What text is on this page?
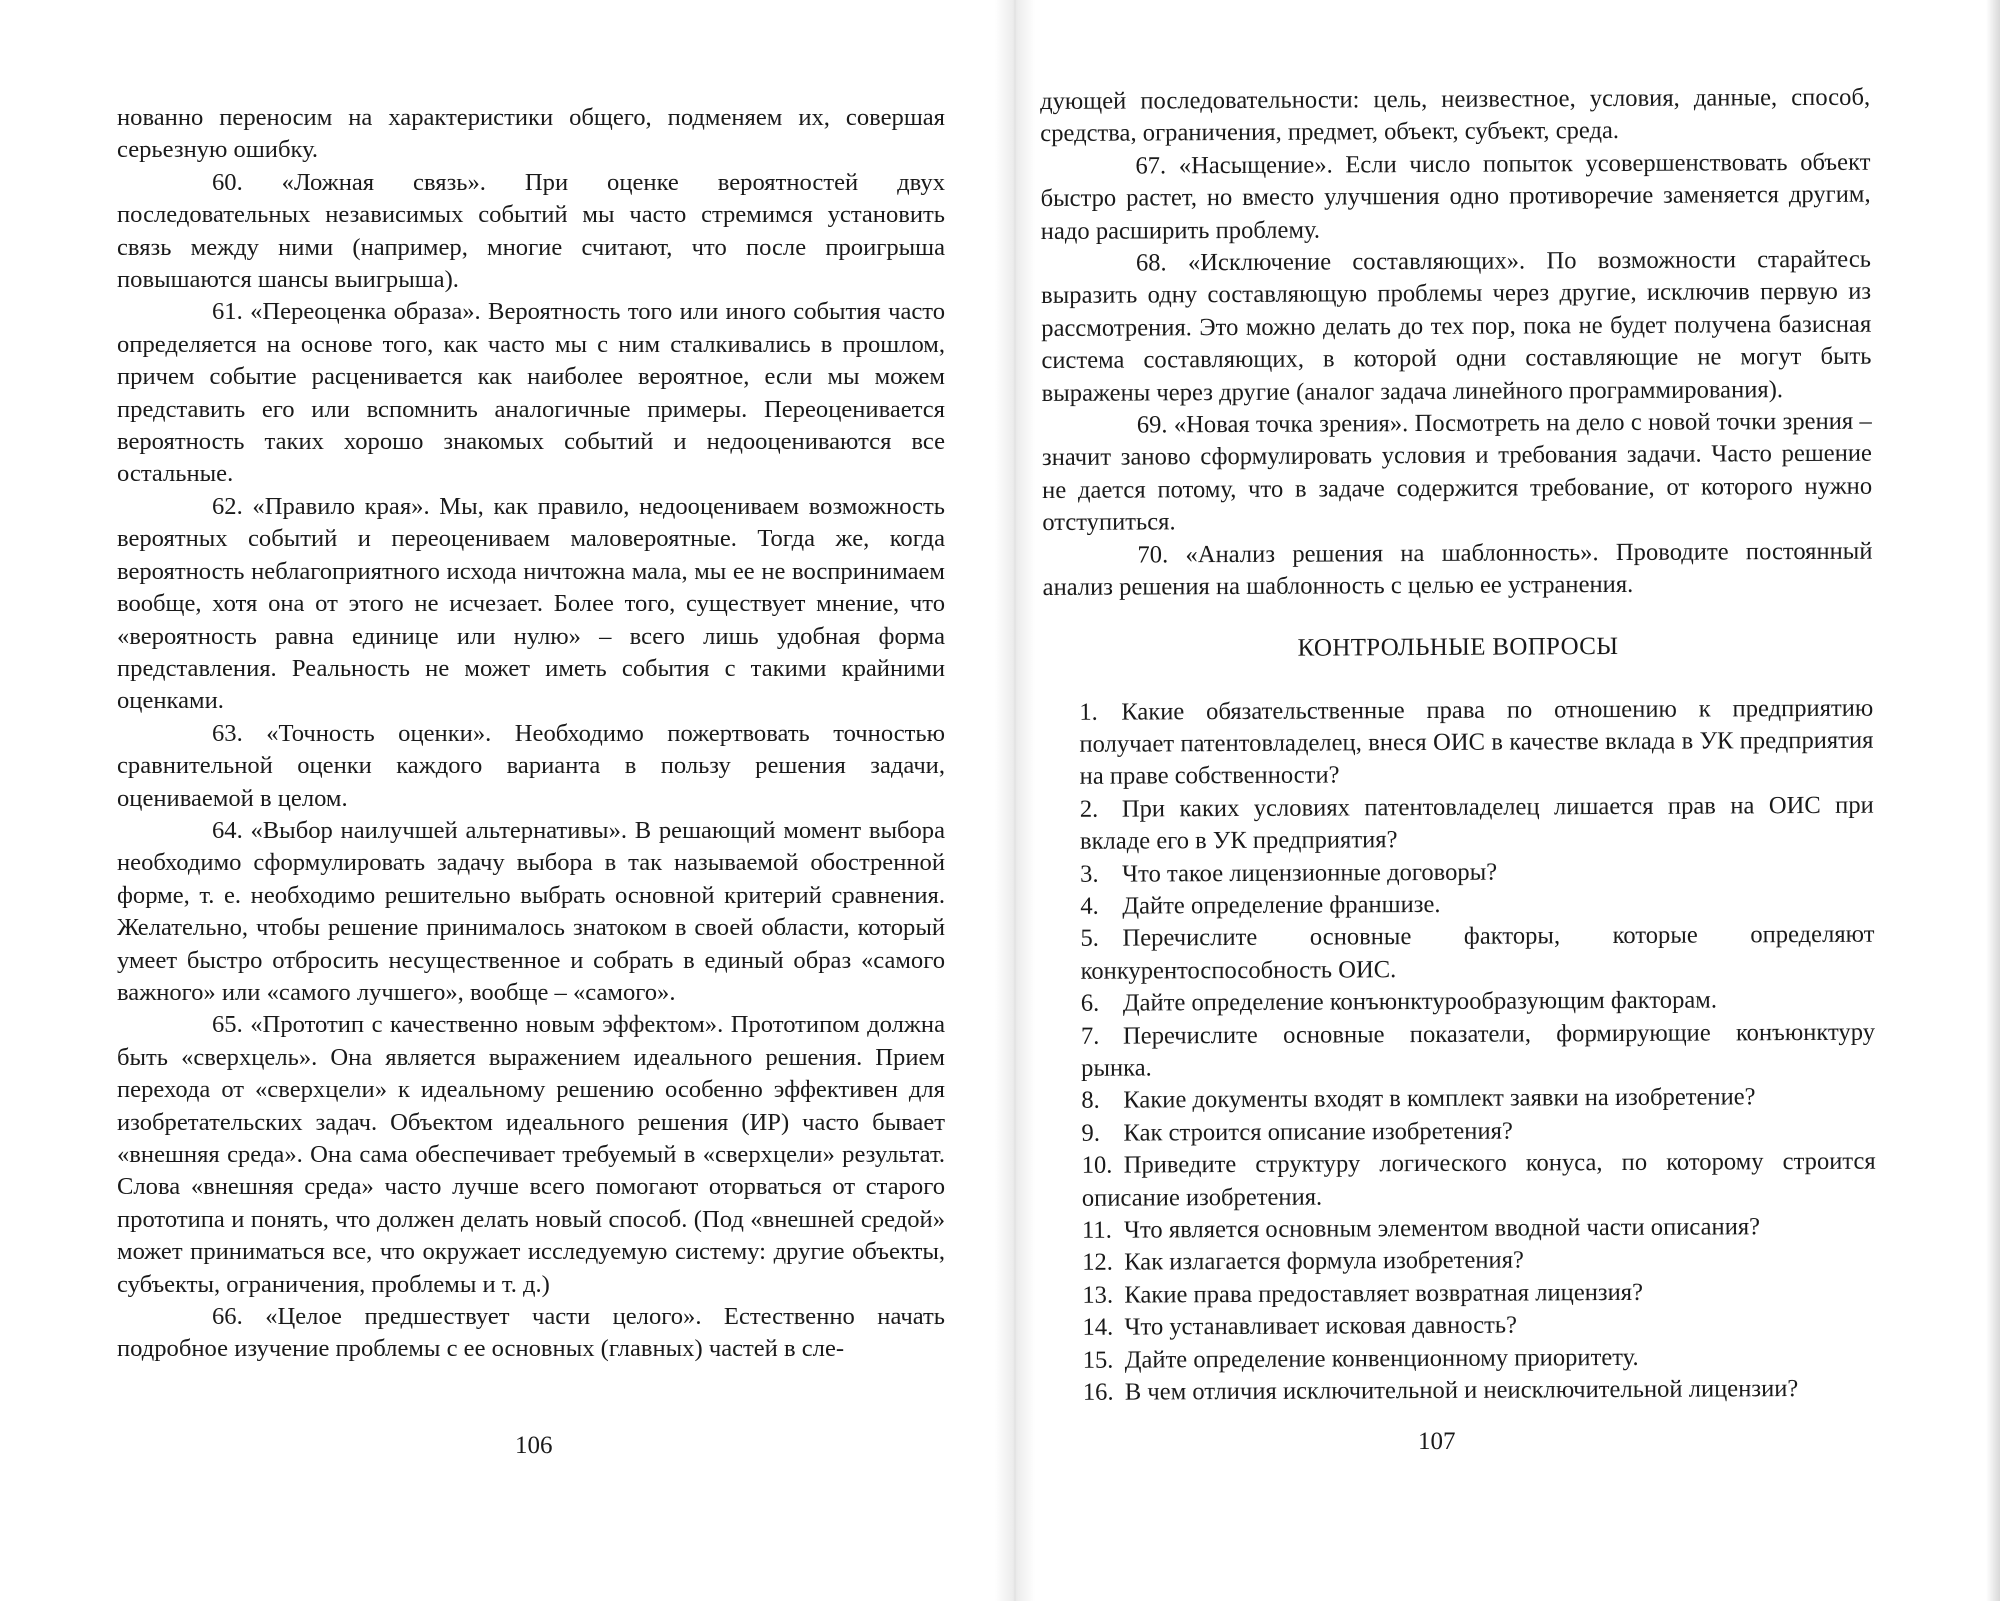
нованно переносим на характеристики общего, подменяем их, совершая серьезную ошибку.

60. «Ложная связь». При оценке вероятностей двух последовательных независимых событий мы часто стремимся установить связь между ними (например, многие считают, что после проигрыша повышаются шансы выигрыша).

61. «Переоценка образа». Вероятность того или иного события часто определяется на основе того, как часто мы с ним сталкивались в прошлом, причем событие расценивается как наиболее вероятное, если мы можем представить его или вспомнить аналогичные примеры. Переоценивается вероятность таких хорошо знакомых событий и недооцениваются все остальные.

62. «Правило края». Мы, как правило, недооцениваем возможность вероятных событий и переоцениваем маловероятные. Тогда же, когда вероятность неблагоприятного исхода ничтожна мала, мы ее не воспринимаем вообще, хотя она от этого не исчезает. Более того, существует мнение, что «вероятность равна единице или нулю» – всего лишь удобная форма представления. Реальность не может иметь события с такими крайними оценками.

63. «Точность оценки». Необходимо пожертвовать точностью сравнительной оценки каждого варианта в пользу решения задачи, оцениваемой в целом.

64. «Выбор наилучшей альтернативы». В решающий момент выбора необходимо сформулировать задачу выбора в так называемой обостренной форме, т. е. необходимо решительно выбрать основной критерий сравнения. Желательно, чтобы решение принималось знатоком в своей области, который умеет быстро отбросить несущественное и собрать в единый образ «самого важного» или «самого лучшего», вообще – «самого».

65. «Прототип с качественно новым эффектом». Прототипом должна быть «сверхцель». Она является выражением идеального решения. Прием перехода от «сверхцели» к идеальному решению особенно эффективен для изобретательских задач. Объектом идеального решения (ИР) часто бывает «внешняя среда». Она сама обеспечивает требуемый в «сверхцели» результат. Слова «внешняя среда» часто лучше всего помогают оторваться от старого прототипа и понять, что должен делать новый способ. (Под «внешней средой» может приниматься все, что окружает исследуемую систему: другие объекты, субъекты, ограничения, проблемы и т. д.)

66. «Целое предшествует части целого». Естественно начать подробное изучение проблемы с ее основных (главных) частей в сле-

106

дующей последовательности: цель, неизвестное, условия, данные, способ, средства, ограничения, предмет, объект, субъект, среда.

67. «Насыщение». Если число попыток усовершенствовать объект быстро растет, но вместо улучшения одно противоречие заменяется другим, надо расширить проблему.

68. «Исключение составляющих». По возможности старайтесь выразить одну составляющую проблемы через другие, исключив первую из рассмотрения. Это можно делать до тех пор, пока не будет получена базисная система составляющих, в которой одни составляющие не могут быть выражены через другие (аналог задача линейного программирования).

69. «Новая точка зрения». Посмотреть на дело с новой точки зрения – значит заново сформулировать условия и требования задачи. Часто решение не дается потому, что в задаче содержится требование, от которого нужно отступиться.

70. «Анализ решения на шаблонность». Проводите постоянный анализ решения на шаблонность с целью ее устранения.

КОНТРОЛЬНЫЕ ВОПРОСЫ
1. Какие обязательственные права по отношению к предприятию получает патентовладелец, внеся ОИС в качестве вклада в УК предприятия на праве собственности?
2. При каких условиях патентовладелец лишается прав на ОИС при вкладе его в УК предприятия?
3. Что такое лицензионные договоры?
4. Дайте определение франшизе.
5. Перечислите основные факторы, которые определяют конкурентоспособность ОИС.
6. Дайте определение конъюнктурообразующим факторам.
7. Перечислите основные показатели, формирующие конъюнктуру рынка.
8. Какие документы входят в комплект заявки на изобретение?
9. Как строится описание изобретения?
10. Приведите структуру логического конуса, по которому строится описание изобретения.
11. Что является основным элементом вводной части описания?
12. Как излагается формула изобретения?
13. Какие права предоставляет возвратная лицензия?
14. Что устанавливает исковая давность?
15. Дайте определение конвенционному приоритету.
16. В чем отличия исключительной и неисключительной лицензии?
107
